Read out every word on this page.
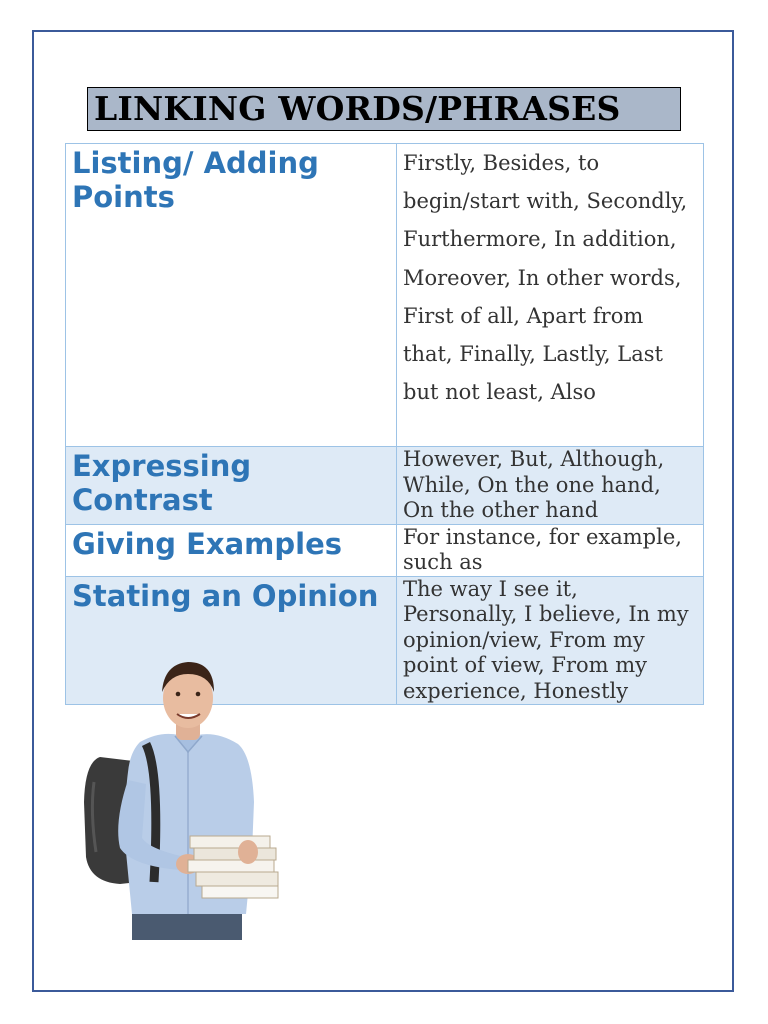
LINKING WORDS/PHRASES
Listing/ Adding Points	Firstly, Besides, to begin/start with, Secondly, Furthermore, In addition, Moreover, In other words, First of all, Apart from that, Finally, Lastly, Last but not least, Also
Expressing Contrast	However, But, Although, While, On the one hand, On the other hand
Giving Examples	For instance, for example, such as
Stating an Opinion	The way I see it, Personally, I believe, In my opinion/view, From my point of view, From my experience, Honestly
